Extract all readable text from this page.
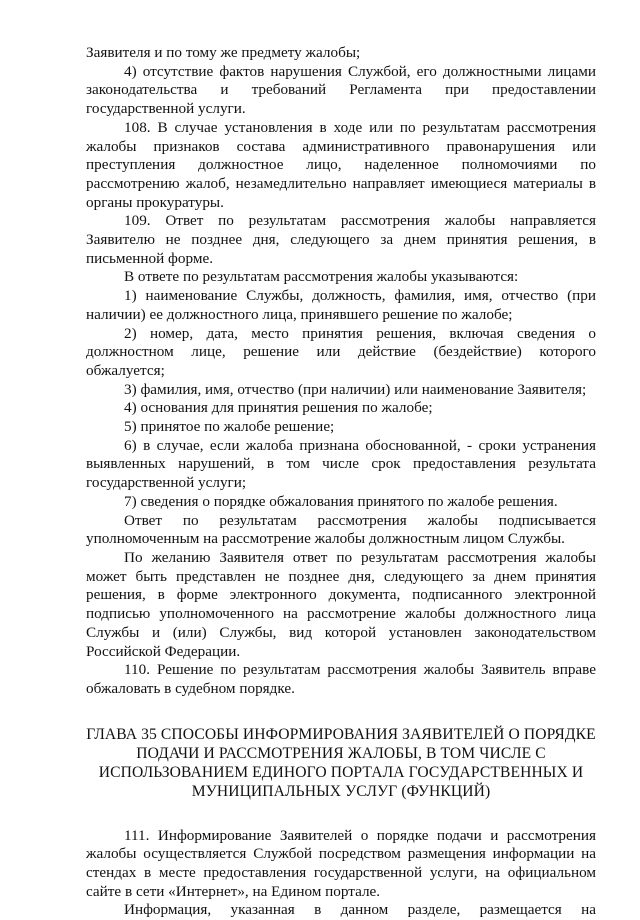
Заявителя и по тому же предмету жалобы;

4) отсутствие фактов нарушения Службой, его должностными лицами законодательства и требований Регламента при предоставлении государственной услуги.

108. В случае установления в ходе или по результатам рассмотрения жалобы признаков состава административного правонарушения или преступления должностное лицо, наделенное полномочиями по рассмотрению жалоб, незамедлительно направляет имеющиеся материалы в органы прокуратуры.

109. Ответ по результатам рассмотрения жалобы направляется Заявителю не позднее дня, следующего за днем принятия решения, в письменной форме.

В ответе по результатам рассмотрения жалобы указываются:

1) наименование Службы, должность, фамилия, имя, отчество (при наличии) ее должностного лица, принявшего решение по жалобе;

2) номер, дата, место принятия решения, включая сведения о должностном лице, решение или действие (бездействие) которого обжалуется;

3) фамилия, имя, отчество (при наличии) или наименование Заявителя;

4) основания для принятия решения по жалобе;

5) принятое по жалобе решение;

6) в случае, если жалоба признана обоснованной, - сроки устранения выявленных нарушений, в том числе срок предоставления результата государственной услуги;

7) сведения о порядке обжалования принятого по жалобе решения.

Ответ по результатам рассмотрения жалобы подписывается уполномоченным на рассмотрение жалобы должностным лицом Службы.

По желанию Заявителя ответ по результатам рассмотрения жалобы может быть представлен не позднее дня, следующего за днем принятия решения, в форме электронного документа, подписанного электронной подписью уполномоченного на рассмотрение жалобы должностного лица Службы и (или) Службы, вид которой установлен законодательством Российской Федерации.

110. Решение по результатам рассмотрения жалобы Заявитель вправе обжаловать в судебном порядке.

ГЛАВА 35 СПОСОБЫ ИНФОРМИРОВАНИЯ ЗАЯВИТЕЛЕЙ О ПОРЯДКЕ
ПОДАЧИ И РАССМОТРЕНИЯ ЖАЛОБЫ, В ТОМ ЧИСЛЕ С
ИСПОЛЬЗОВАНИЕМ ЕДИНОГО ПОРТАЛА ГОСУДАРСТВЕННЫХ И
МУНИЦИПАЛЬНЫХ УСЛУГ (ФУНКЦИЙ)

111. Информирование Заявителей о порядке подачи и рассмотрения жалобы осуществляется Службой посредством размещения информации на стендах в месте предоставления государственной услуги, на официальном сайте в сети «Интернет», на Едином портале.

Информация, указанная в данном разделе, размещается на
